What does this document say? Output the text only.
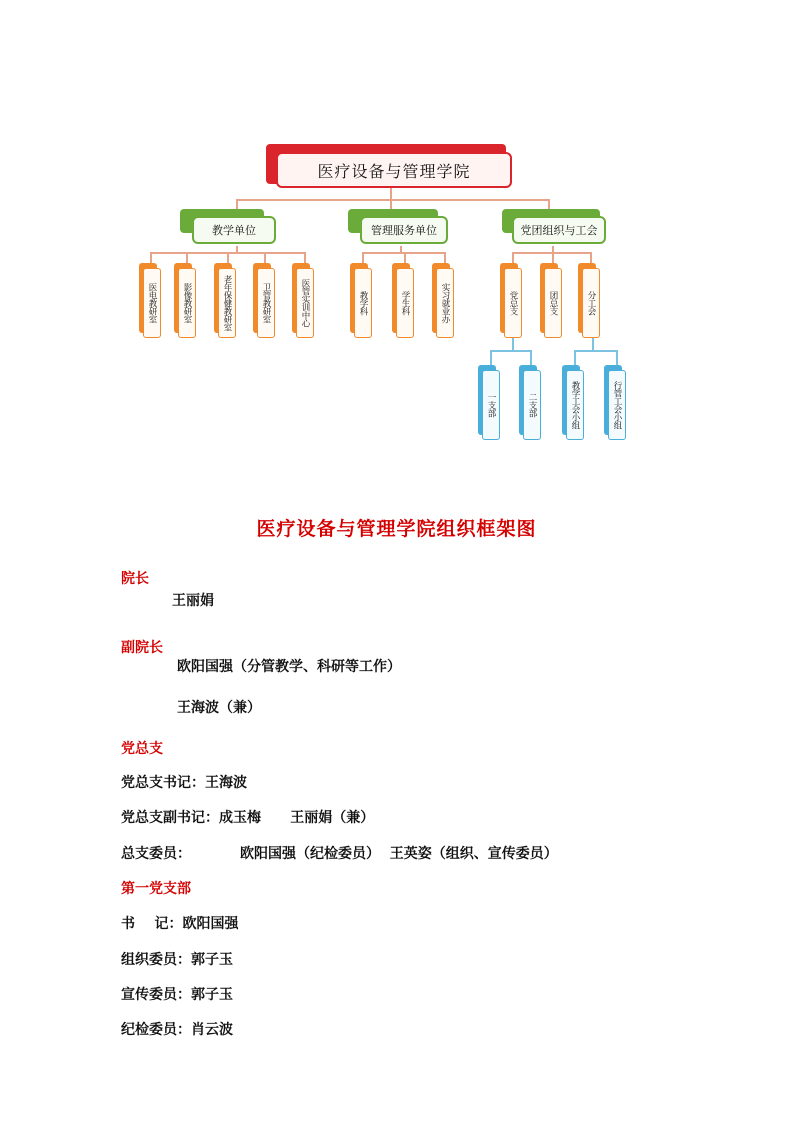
医疗设备与管理学院
教学单位	管理服务单位	党团组织与工会
医电教研室	影像教研室	老年保健教研室	卫管教研室	医管实训中心	教学科	学生科	实习就业办	党总支	团总支	分工会
一支部	二支部	教学工会小组	行管工会小组
医疗设备与管理学院组织框架图
院长
王丽娟
副院长
欧阳国强（分管教学、科研等工作）
王海波（兼）
党总支
党总支书记：王海波
党总支副书记：成玉梅      王丽娟（兼）
总支委员：	欧阳国强（纪检委员）  王英姿（组织、宣传委员）
第一党支部
书    记：欧阳国强
组织委员：郭子玉
宣传委员：郭子玉
纪检委员：肖云波
